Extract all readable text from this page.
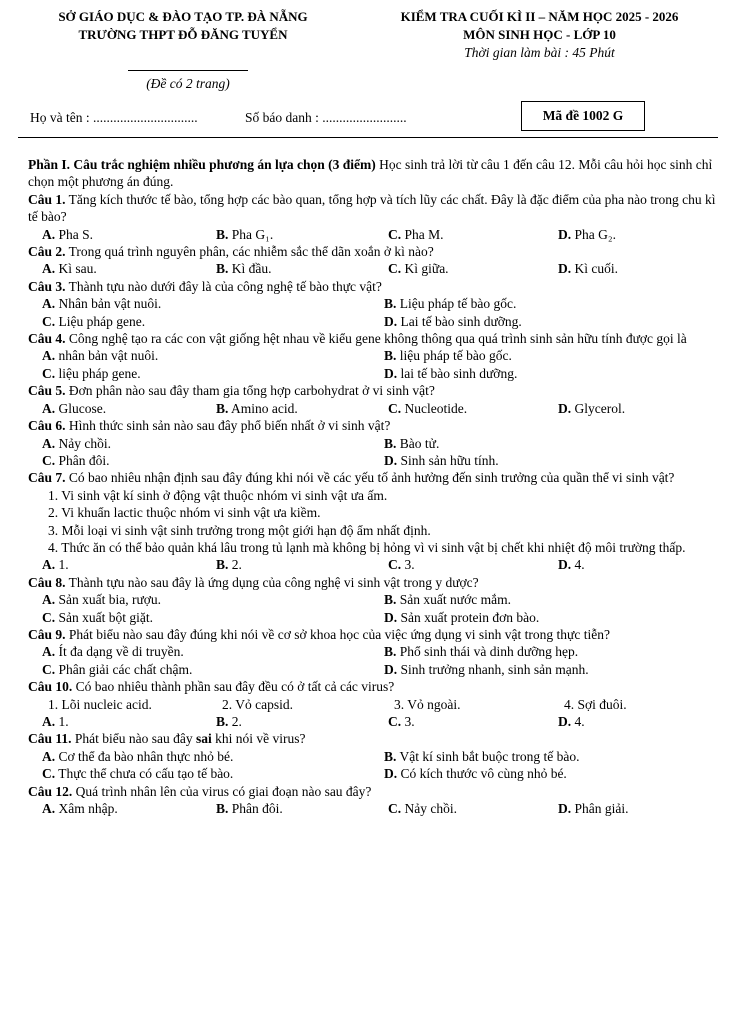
SỞ GIÁO DỤC & ĐÀO TẠO TP. ĐÀ NẴNG
TRƯỜNG THPT ĐỖ ĐĂNG TUYỂN
KIỂM TRA CUỐI KÌ II – NĂM HỌC 2025 - 2026
MÔN SINH HỌC - LỚP 10
Thời gian làm bài : 45 Phút
(Đề có 2 trang)
Họ và tên : ...............................	Số báo danh : .........................	Mã đề 1002 G

Phần I. Câu trắc nghiệm nhiều phương án lựa chọn (3 điểm) Học sinh trả lời từ câu 1 đến câu 12. Mỗi câu hỏi học sinh chỉ chọn một phương án đúng.

Câu 1. Tăng kích thước tế bào, tổng hợp các bào quan, tổng hợp và tích lũy các chất. Đây là đặc điểm của pha nào trong chu kì tế bào?

A. Pha S.	B. Pha G₁.	C. Pha M.	D. Pha G₂.

Câu 2. Trong quá trình nguyên phân, các nhiễm sắc thể dãn xoắn ở kì nào?

A. Kì sau.	B. Kì đầu.	C. Kì giữa.	D. Kì cuối.

Câu 3. Thành tựu nào dưới đây là của công nghệ tế bào thực vật?

A. Nhân bản vật nuôi.	B. Liệu pháp tế bào gốc.
C. Liệu pháp gene.	D. Lai tế bào sinh dưỡng.

Câu 4. Công nghệ tạo ra các con vật giống hệt nhau về kiểu gene không thông qua quá trình sinh sản hữu tính được gọi là

A. nhân bản vật nuôi.	B. liệu pháp tế bào gốc.
C. liệu pháp gene.	D. lai tế bào sinh dưỡng.

Câu 5. Đơn phân nào sau đây tham gia tổng hợp carbohydrat ở vi sinh vật?

A. Glucose.	B. Amino acid.	C. Nucleotide.	D. Glycerol.

Câu 6. Hình thức sinh sản nào sau đây phổ biến nhất ở vi sinh vật?

A. Nảy chồi.	B. Bào tử.
C. Phân đôi.	D. Sinh sản hữu tính.

Câu 7. Có bao nhiêu nhận định sau đây đúng khi nói về các yếu tố ảnh hưởng đến sinh trưởng của quần thể vi sinh vật?

1. Vi sinh vật kí sinh ở động vật thuộc nhóm vi sinh vật ưa ấm.
2. Vi khuẩn lactic thuộc nhóm vi sinh vật ưa kiềm.
3. Mỗi loại vi sinh vật sinh trưởng trong một giới hạn độ ẩm nhất định.
4. Thức ăn có thể bảo quản khá lâu trong tủ lạnh mà không bị hỏng vì vi sinh vật bị chết khi nhiệt độ môi trường thấp.
A. 1.	B. 2.	C. 3.	D. 4.

Câu 8. Thành tựu nào sau đây là ứng dụng của công nghệ vi sinh vật trong y dược?

A. Sản xuất bia, rượu.	B. Sản xuất nước mắm.
C. Sản xuất bột giặt.	D. Sản xuất protein đơn bào.

Câu 9. Phát biểu nào sau đây đúng khi nói về cơ sở khoa học của việc ứng dụng vi sinh vật trong thực tiễn?

A. Ít đa dạng về di truyền.	B. Phổ sinh thái và dinh dưỡng hẹp.
C. Phân giải các chất chậm.	D. Sinh trưởng nhanh, sinh sản mạnh.

Câu 10. Có bao nhiêu thành phần sau đây đều có ở tất cả các virus?

1. Lõi nucleic acid.	2. Vỏ capsid.	3. Vỏ ngoài.	4. Sợi đuôi.
A. 1.	B. 2.	C. 3.	D. 4.

Câu 11. Phát biểu nào sau đây sai khi nói về virus?

A. Cơ thể đa bào nhân thực nhỏ bé.	B. Vật kí sinh bắt buộc trong tế bào.
C. Thực thể chưa có cấu tạo tế bào.	D. Có kích thước vô cùng nhỏ bé.

Câu 12. Quá trình nhân lên của virus có giai đoạn nào sau đây?

A. Xâm nhập.	B. Phân đôi.	C. Nảy chồi.	D. Phân giải.
